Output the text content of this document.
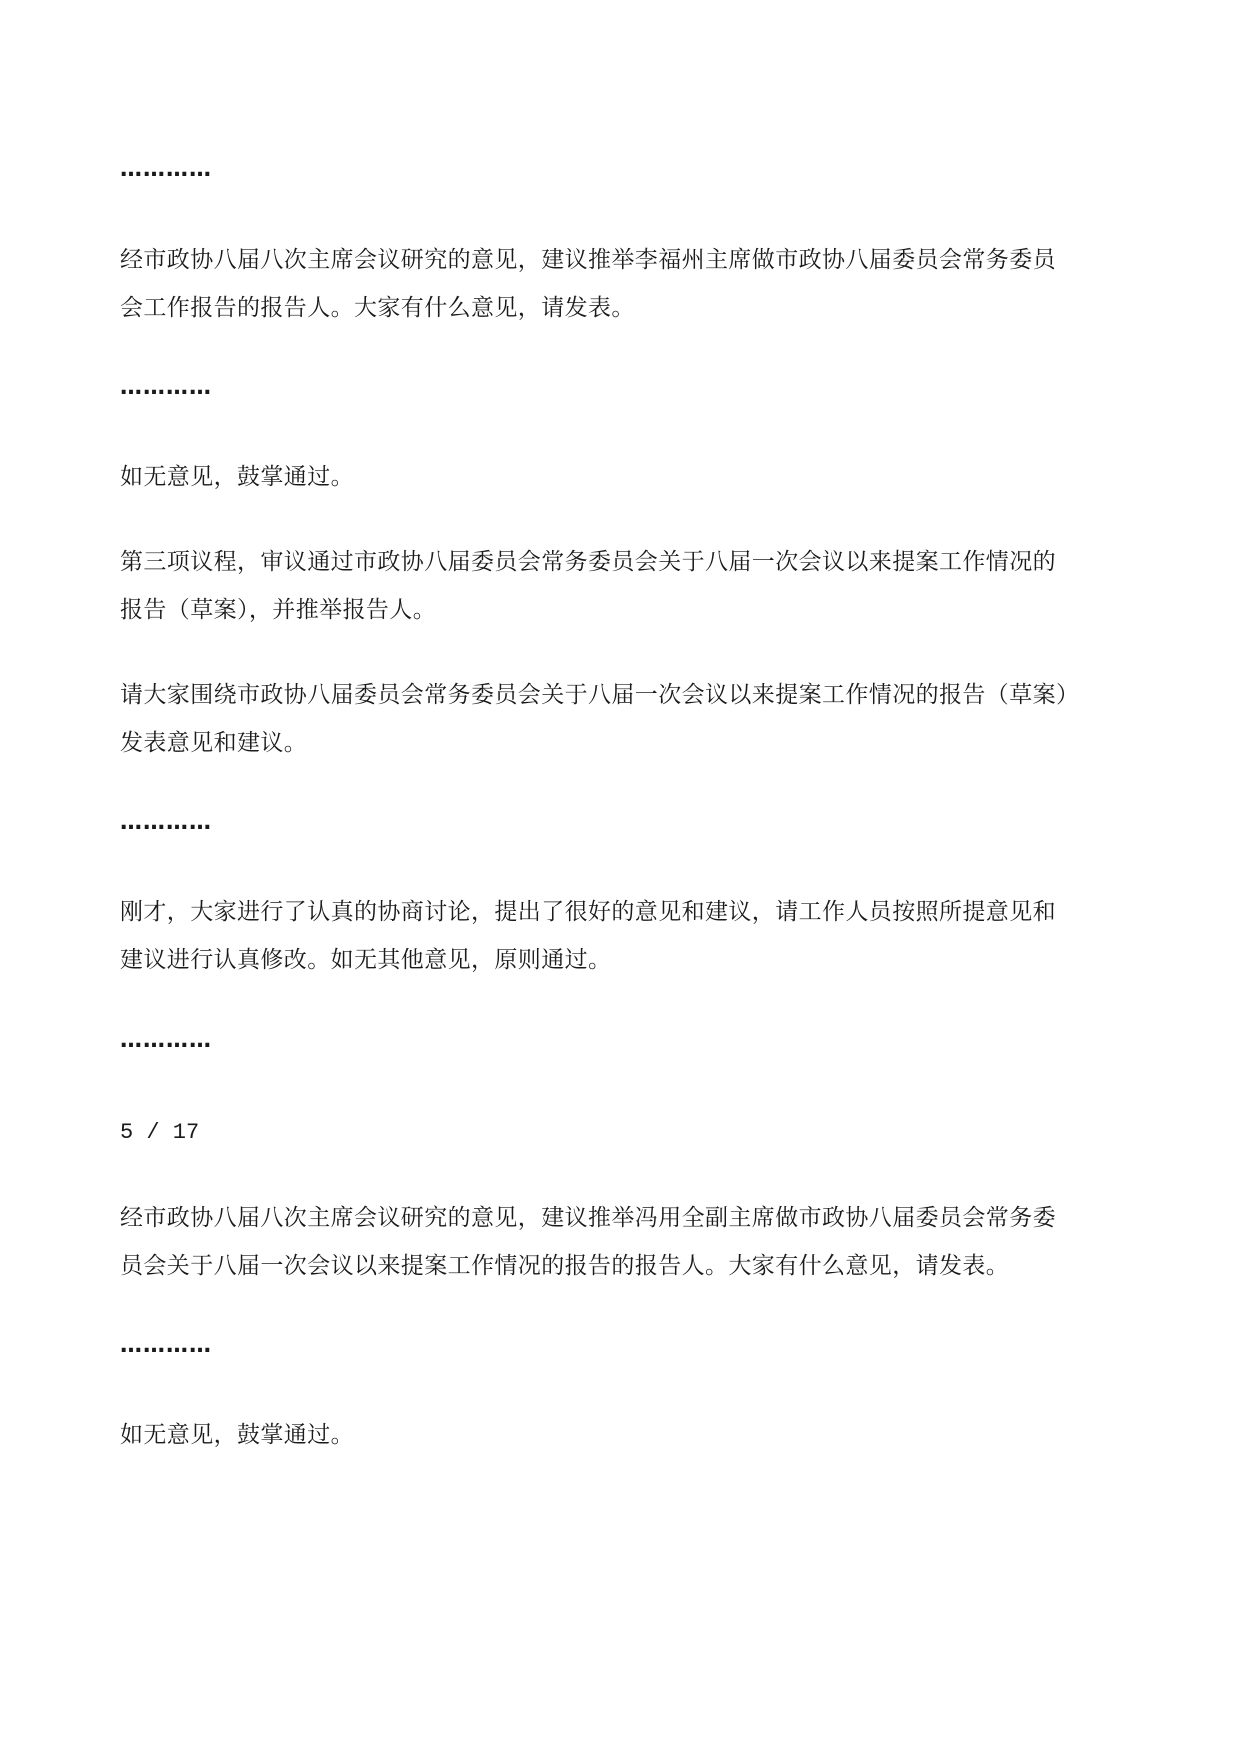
…………
经市政协八届八次主席会议研究的意见，建议推举李福州主席做市政协八届委员会常务委员
会工作报告的报告人。大家有什么意见，请发表。
…………
如无意见，鼓掌通过。
第三项议程，审议通过市政协八届委员会常务委员会关于八届一次会议以来提案工作情况的
报告（草案），并推举报告人。
请大家围绕市政协八届委员会常务委员会关于八届一次会议以来提案工作情况的报告（草案）
发表意见和建议。
…………
刚才，大家进行了认真的协商讨论，提出了很好的意见和建议，请工作人员按照所提意见和
建议进行认真修改。如无其他意见，原则通过。
…………
5 / 17
经市政协八届八次主席会议研究的意见，建议推举冯用全副主席做市政协八届委员会常务委
员会关于八届一次会议以来提案工作情况的报告的报告人。大家有什么意见，请发表。
…………
如无意见，鼓掌通过。
